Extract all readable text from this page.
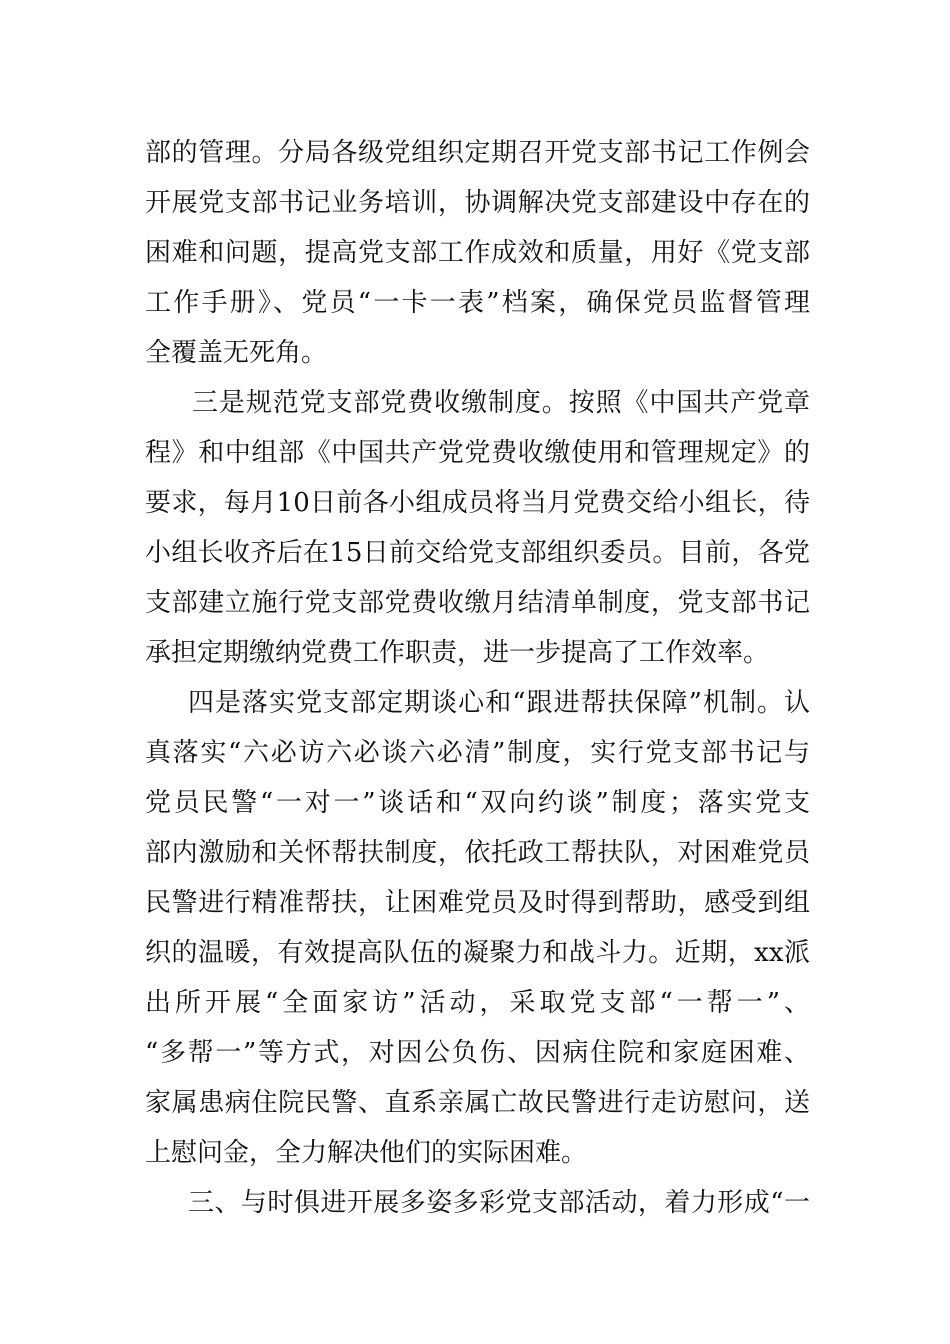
部的管理。分局各级党组织定期召开党支部书记工作例会

开展党支部书记业务培训，协调解决党支部建设中存在的

困难和问题，提高党支部工作成效和质量，用好《党支部

工作手册》、党员“一卡一表”档案，确保党员监督管理

全覆盖无死角。

三是规范党支部党费收缴制度。按照《中国共产党章

程》和中组部《中国共产党党费收缴使用和管理规定》的

要求，每月10日前各小组成员将当月党费交给小组长，待

小组长收齐后在15日前交给党支部组织委员。目前，各党

支部建立施行党支部党费收缴月结清单制度，党支部书记

承担定期缴纳党费工作职责，进一步提高了工作效率。

四是落实党支部定期谈心和“跟进帮扶保障”机制。认

真落实“六必访六必谈六必清”制度，实行党支部书记与

党员民警“一对一”谈话和“双向约谈”制度；落实党支

部内激励和关怀帮扶制度，依托政工帮扶队，对困难党员

民警进行精准帮扶，让困难党员及时得到帮助，感受到组

织的温暖，有效提高队伍的凝聚力和战斗力。近期，xx派

出所开展“全面家访”活动，采取党支部“一帮一”、

“多帮一”等方式，对因公负伤、因病住院和家庭困难、

家属患病住院民警、直系亲属亡故民警进行走访慰问，送

上慰问金，全力解决他们的实际困难。

三、与时俱进开展多姿多彩党支部活动，着力形成“一
